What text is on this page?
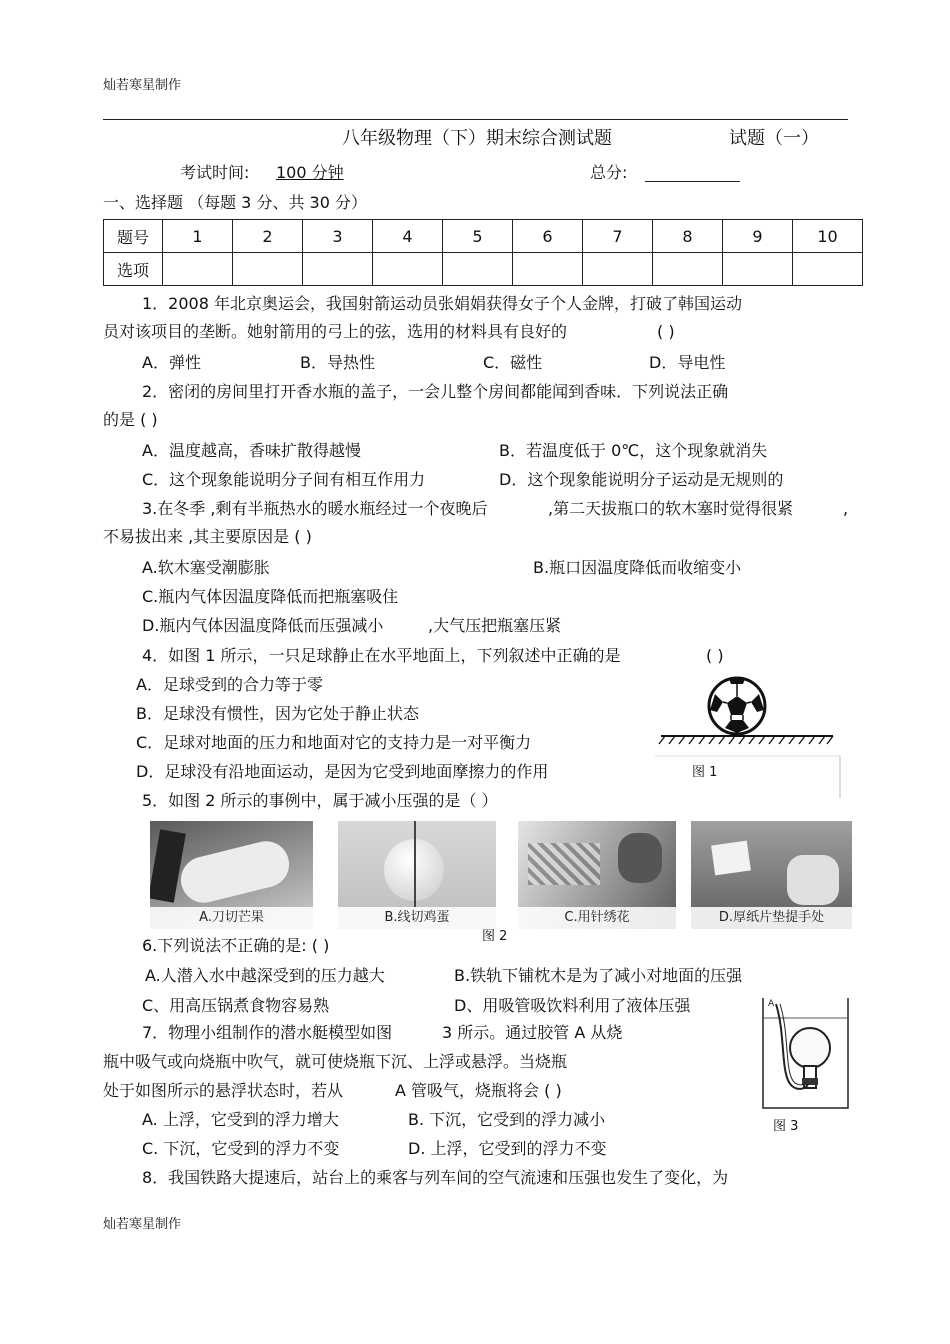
灿若寒星制作
八年级物理（下）期末综合测试题	试题（一）
考试时间: 100 分钟	总分:
一、选择题 （每题 3 分、共 30 分）
题号	1	2	3	4	5	6	7	8	9	10
选项										
1．2008 年北京奥运会，我国射箭运动员张娟娟获得女子个人金牌，打破了韩国运动
员对该项目的垄断。她射箭用的弓上的弦，选用的材料具有良好的	( )
A．弹性	B．导热性	C．磁性	D．导电性
2．密闭的房间里打开香水瓶的盖子，一会儿整个房间都能闻到香味．下列说法正确
的是 ( )
A．温度越高，香味扩散得越慢	B．若温度低于 0℃，这个现象就消失
C．这个现象能说明分子间有相互作用力	D．这个现象能说明分子运动是无规则的
3.在冬季 ,剩有半瓶热水的暖水瓶经过一个夜晚后	,第二天拔瓶口的软木塞时觉得很紧	,
不易拔出来 ,其主要原因是 ( )
A.软木塞受潮膨胀	B.瓶口因温度降低而收缩变小
C.瓶内气体因温度降低而把瓶塞吸住
D.瓶内气体因温度降低而压强减小	,大气压把瓶塞压紧
4．如图 1 所示，一只足球静止在水平地面上，下列叙述中正确的是	( )
A．足球受到的合力等于零
B．足球没有惯性，因为它处于静止状态
C．足球对地面的压力和地面对它的支持力是一对平衡力
D．足球没有沿地面运动，是因为它受到地面摩擦力的作用	图 1
5．如图 2 所示的事例中，属于减小压强的是（ ）
A.刀切芒果	B.线切鸡蛋	C.用针绣花	D.厚纸片垫提手处
图 2
6.下列说法不正确的是: ( )
A.人潜入水中越深受到的压力越大	B.铁轨下铺枕木是为了减小对地面的压强
C、用高压锅煮食物容易熟	D、用吸管吸饮料利用了液体压强
7．物理小组制作的潜水艇模型如图	3 所示。通过胶管 A 从烧
瓶中吸气或向烧瓶中吹气，就可使烧瓶下沉、上浮或悬浮。当烧瓶
处于如图所示的悬浮状态时，若从	A 管吸气，烧瓶将会 ( )
A. 上浮，它受到的浮力增大	B. 下沉，它受到的浮力减小
C. 下沉，它受到的浮力不变	D. 上浮，它受到的浮力不变
A
图 3
8．我国铁路大提速后，站台上的乘客与列车间的空气流速和压强也发生了变化，为
灿若寒星制作
